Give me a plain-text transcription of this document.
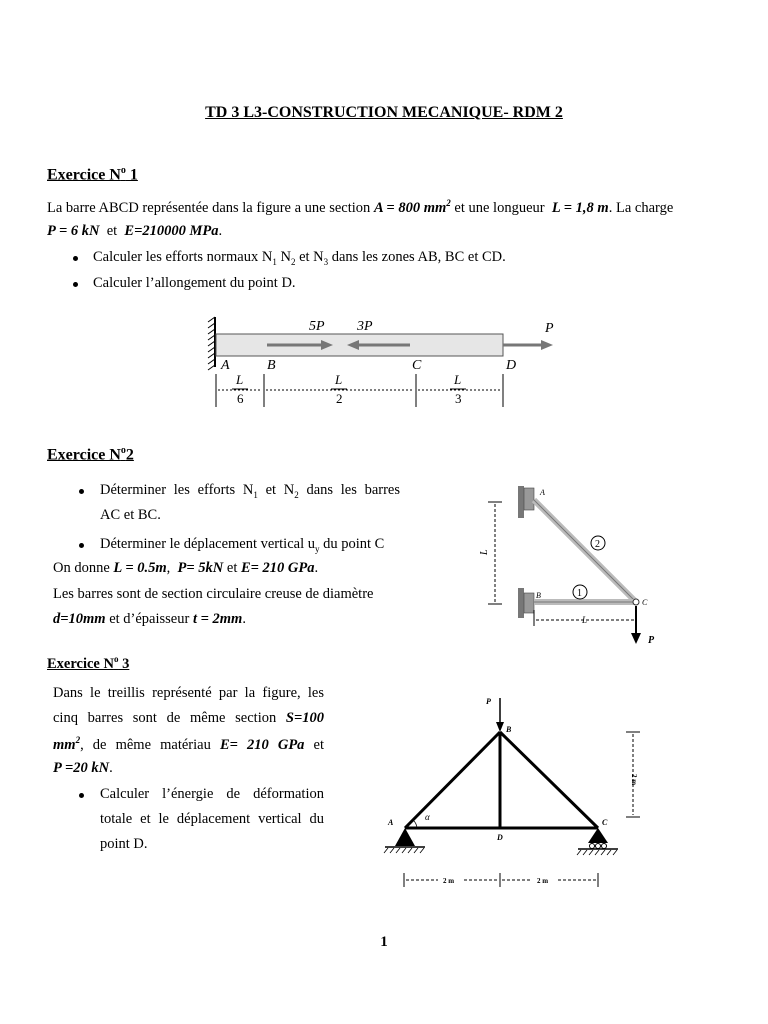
TD 3 L3-CONSTRUCTION MECANIQUE- RDM 2
Exercice $N^o$ 1
La barre ABCD représentée dans la figure a une section A = 800 $mm^2$ et une longueur  L = 1,8 m. La charge
P = 6 kN et E=210000 MPa.
Calculer les efforts normaux $N_1$ $N_2$ et $N_3$ dans les zones AB, BC et CD.
Calculer l’allongement du point D.
5P 3P	P
A	B	C	D
L
6
L
2
L
3
Exercice $N^o2$
Déterminer les efforts $N_1$ et $N_2$ dans les barres
AC et BC.
Déterminer le déplacement vertical $u_y$ du point C
On donne L = 0.5m,  P= 5kN et E= 210 GPa.
Les barres sont de section circulaire creuse de diamètre
d=10mm et d’épaisseur t = 2mm.
L
2
1
A
B
C
L
P
Exercice $N^o$ 3
Dans le treillis représenté par la figure, les
cinq barres sont de même section S=100
$mm^2$, de même matériau E= 210 GPa et
P =20 kN.
Calculer l’énergie de déformation
totale et le déplacement vertical du
point D.
P
B
D
A	C
α
2 m
2 m	2 m
1
